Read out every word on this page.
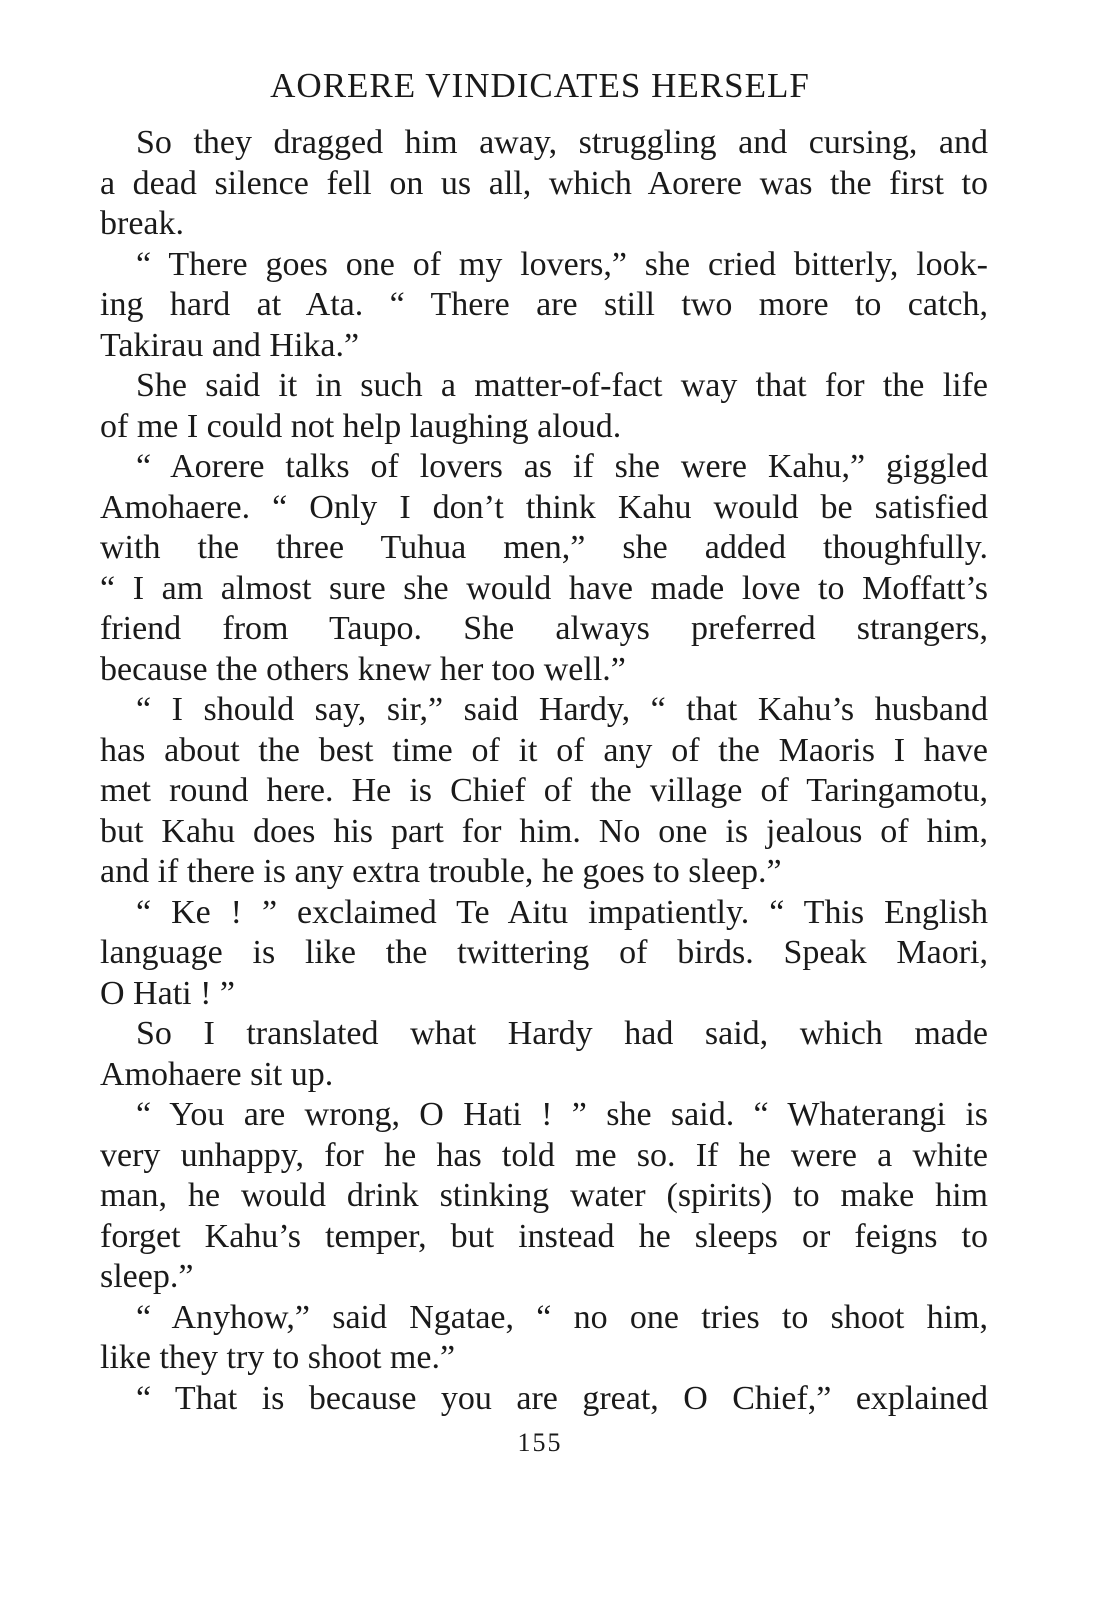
AORERE VINDICATES HERSELF
So they dragged him away, struggling and cursing, and
a dead silence fell on us all, which Aorere was the first to
break.
“ There goes one of my lovers,” she cried bitterly, look-
ing hard at Ata. “ There are still two more to catch,
Takirau and Hika.”
She said it in such a matter-of-fact way that for the life
of me I could not help laughing aloud.
“ Aorere talks of lovers as if she were Kahu,” giggled
Amohaere. “ Only I don’t think Kahu would be satisfied
with the three Tuhua men,” she added thoughfully.
“ I am almost sure she would have made love to Moffatt’s
friend from Taupo. She always preferred strangers,
because the others knew her too well.”
“ I should say, sir,” said Hardy, “ that Kahu’s husband
has about the best time of it of any of the Maoris I have
met round here. He is Chief of the village of Taringamotu,
but Kahu does his part for him. No one is jealous of him,
and if there is any extra trouble, he goes to sleep.”
“ Ke ! ” exclaimed Te Aitu impatiently. “ This English
language is like the twittering of birds. Speak Maori,
O Hati ! ”
So I translated what Hardy had said, which made
Amohaere sit up.
“ You are wrong, O Hati ! ” she said. “ Whaterangi is
very unhappy, for he has told me so. If he were a white
man, he would drink stinking water (spirits) to make him
forget Kahu’s temper, but instead he sleeps or feigns to
sleep.”
“ Anyhow,” said Ngatae, “ no one tries to shoot him,
like they try to shoot me.”
“ That is because you are great, O Chief,” explained
155
